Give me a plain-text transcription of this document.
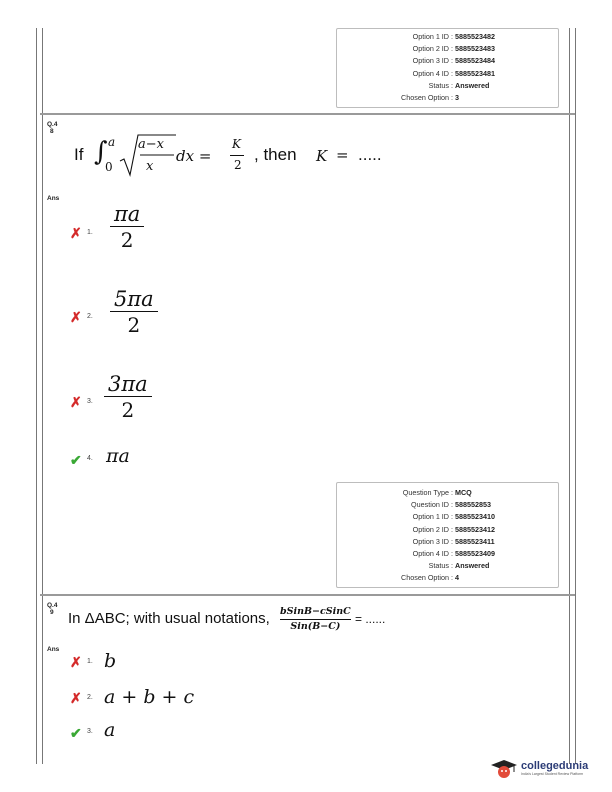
Option 1 ID : 5885523482
Option 2 ID : 5885523483
Option 3 ID : 5885523484
Option 4 ID : 5885523481
Status : Answered
Chosen Option : 3
Q.4
8
If ∫ a
0
a−x
x
dx =
K
2
, then K = .....
Ans
✗ 1.
πa
2
✗ 2.
5πa
2
✗ 3.
3πa
2
✔ 4. πa
Question Type : MCQ
Question ID : 588552853
Option 1 ID : 5885523410
Option 2 ID : 5885523412
Option 3 ID : 5885523411
Option 4 ID : 5885523409
Status : Answered
Chosen Option : 4
Q.4
9 In ΔABC; with usual notations, bSinB−cSinC
Sin(B−C)
= ......
Ans
✗ 1. b
✗ 2. a + b + c
✔ 3. a
collegedunia
India's Largest Student Review Platform
